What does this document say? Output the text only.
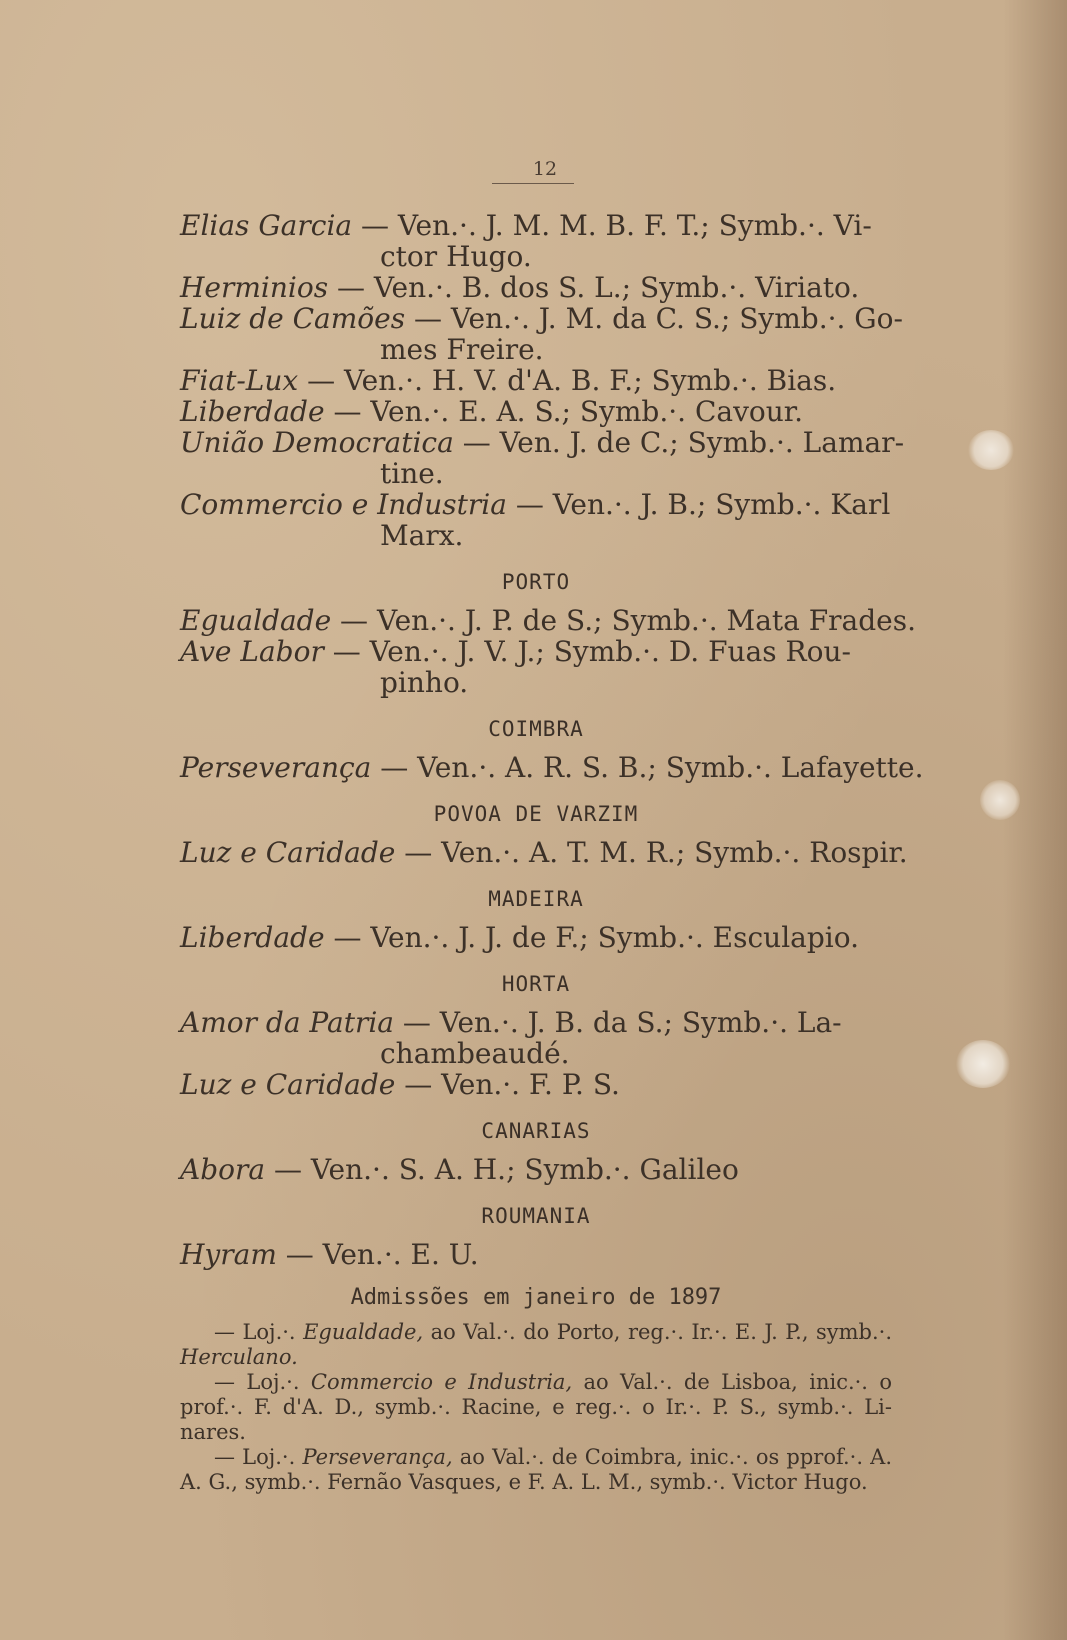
12

Elias Garcia — Ven.·. J. M. M. B. F. T.; Symb.·. Vi-
ctor Hugo.

Herminios — Ven.·. B. dos S. L.; Symb.·. Viriato.

Luiz de Camões — Ven.·. J. M. da C. S.; Symb.·. Go-
mes Freire.

Fiat-Lux — Ven.·. H. V. d'A. B. F.; Symb.·. Bias.

Liberdade — Ven.·. E. A. S.; Symb.·. Cavour.

União Democratica — Ven. J. de C.; Symb.·. Lamar-
tine.

Commercio e Industria — Ven.·. J. B.; Symb.·. Karl
Marx.

PORTO

Egualdade — Ven.·. J. P. de S.; Symb.·. Mata Frades.

Ave Labor — Ven.·. J. V. J.; Symb.·. D. Fuas Rou-
pinho.

COIMBRA

Perseverança — Ven.·. A. R. S. B.; Symb.·. Lafayette.

POVOA DE VARZIM

Luz e Caridade — Ven.·. A. T. M. R.; Symb.·. Rospir.

MADEIRA

Liberdade — Ven.·. J. J. de F.; Symb.·. Esculapio.

HORTA

Amor da Patria — Ven.·. J. B. da S.; Symb.·. La-
chambeaudé.

Luz e Caridade — Ven.·. F. P. S.

CANARIAS

Abora — Ven.·. S. A. H.; Symb.·. Galileo

ROUMANIA

Hyram — Ven.·. E. U.

Admissões em janeiro de 1897

— Loj.·. Egualdade, ao Val.·. do Porto, reg.·. Ir.·. E. J. P., symb.·. Herculano.

— Loj.·. Commercio e Industria, ao Val.·. de Lisboa, inic.·. o prof.·. F. d'A. D., symb.·. Racine, e reg.·. o Ir.·. P. S., symb.·. Li-nares.

— Loj.·. Perseverança, ao Val.·. de Coimbra, inic.·. os pprof.·. A. A. G., symb.·. Fernão Vasques, e F. A. L. M., symb.·. Victor Hugo.
